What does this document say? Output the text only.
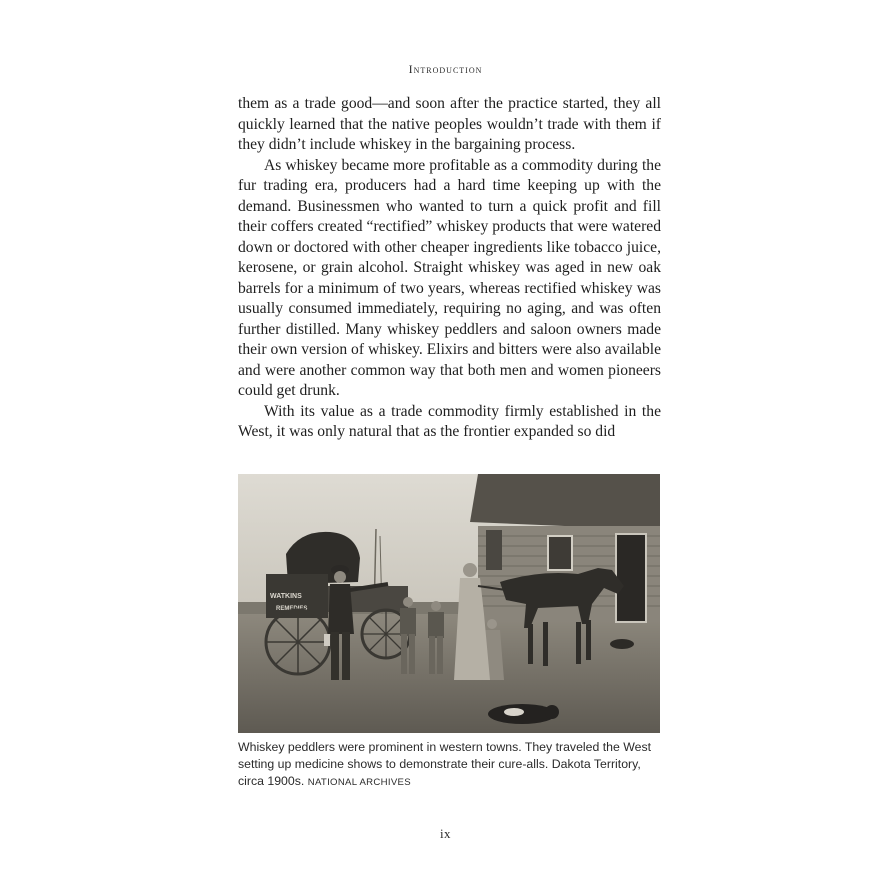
Introduction

them as a trade good—and soon after the practice started, they all quickly learned that the native peoples wouldn’t trade with them if they didn’t include whiskey in the bargaining process.

As whiskey became more profitable as a commodity during the fur trading era, producers had a hard time keeping up with the demand. Businessmen who wanted to turn a quick profit and fill their coffers created “rectified” whiskey products that were watered down or doctored with other cheaper ingredients like tobacco juice, kerosene, or grain alcohol. Straight whiskey was aged in new oak barrels for a minimum of two years, whereas rectified whiskey was usually consumed immediately, requiring no aging, and was often further distilled. Many whiskey peddlers and saloon owners made their own version of whiskey. Elixirs and bitters were also available and were another common way that both men and women pioneers could get drunk.

With its value as a trade commodity firmly established in the West, it was only natural that as the frontier expanded so did

WATKINS
REMEDIES
Whiskey peddlers were prominent in western towns. They traveled the West setting up medicine shows to demonstrate their cure-alls. Dakota Territory, circa 1900s. NATIONAL ARCHIVES
ix
